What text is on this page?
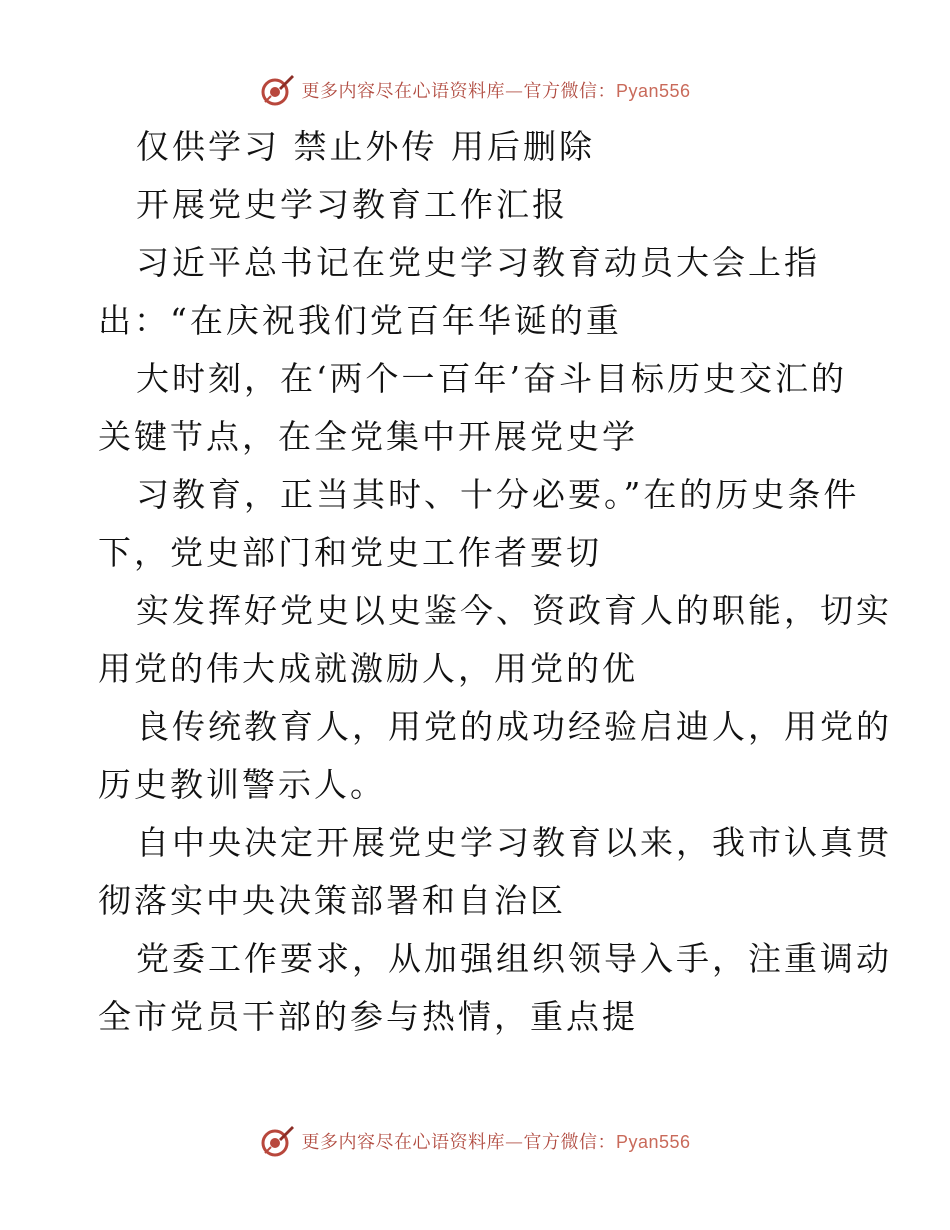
更多内容尽在心语资料库—官方微信：Pyan556
仅供学习 禁止外传 用后删除
开展党史学习教育工作汇报
习近平总书记在党史学习教育动员大会上指
出：“在庆祝我们党百年华诞的重
大时刻，在‘两个一百年’奋斗目标历史交汇的
关键节点，在全党集中开展党史学
习教育，正当其时、十分必要。”在的历史条件
下，党史部门和党史工作者要切
实发挥好党史以史鉴今、资政育人的职能，切实
用党的伟大成就激励人，用党的优
良传统教育人，用党的成功经验启迪人，用党的
历史教训警示人。
自中央决定开展党史学习教育以来，我市认真贯
彻落实中央决策部署和自治区
党委工作要求，从加强组织领导入手，注重调动
全市党员干部的参与热情，重点提
更多内容尽在心语资料库—官方微信：Pyan556
